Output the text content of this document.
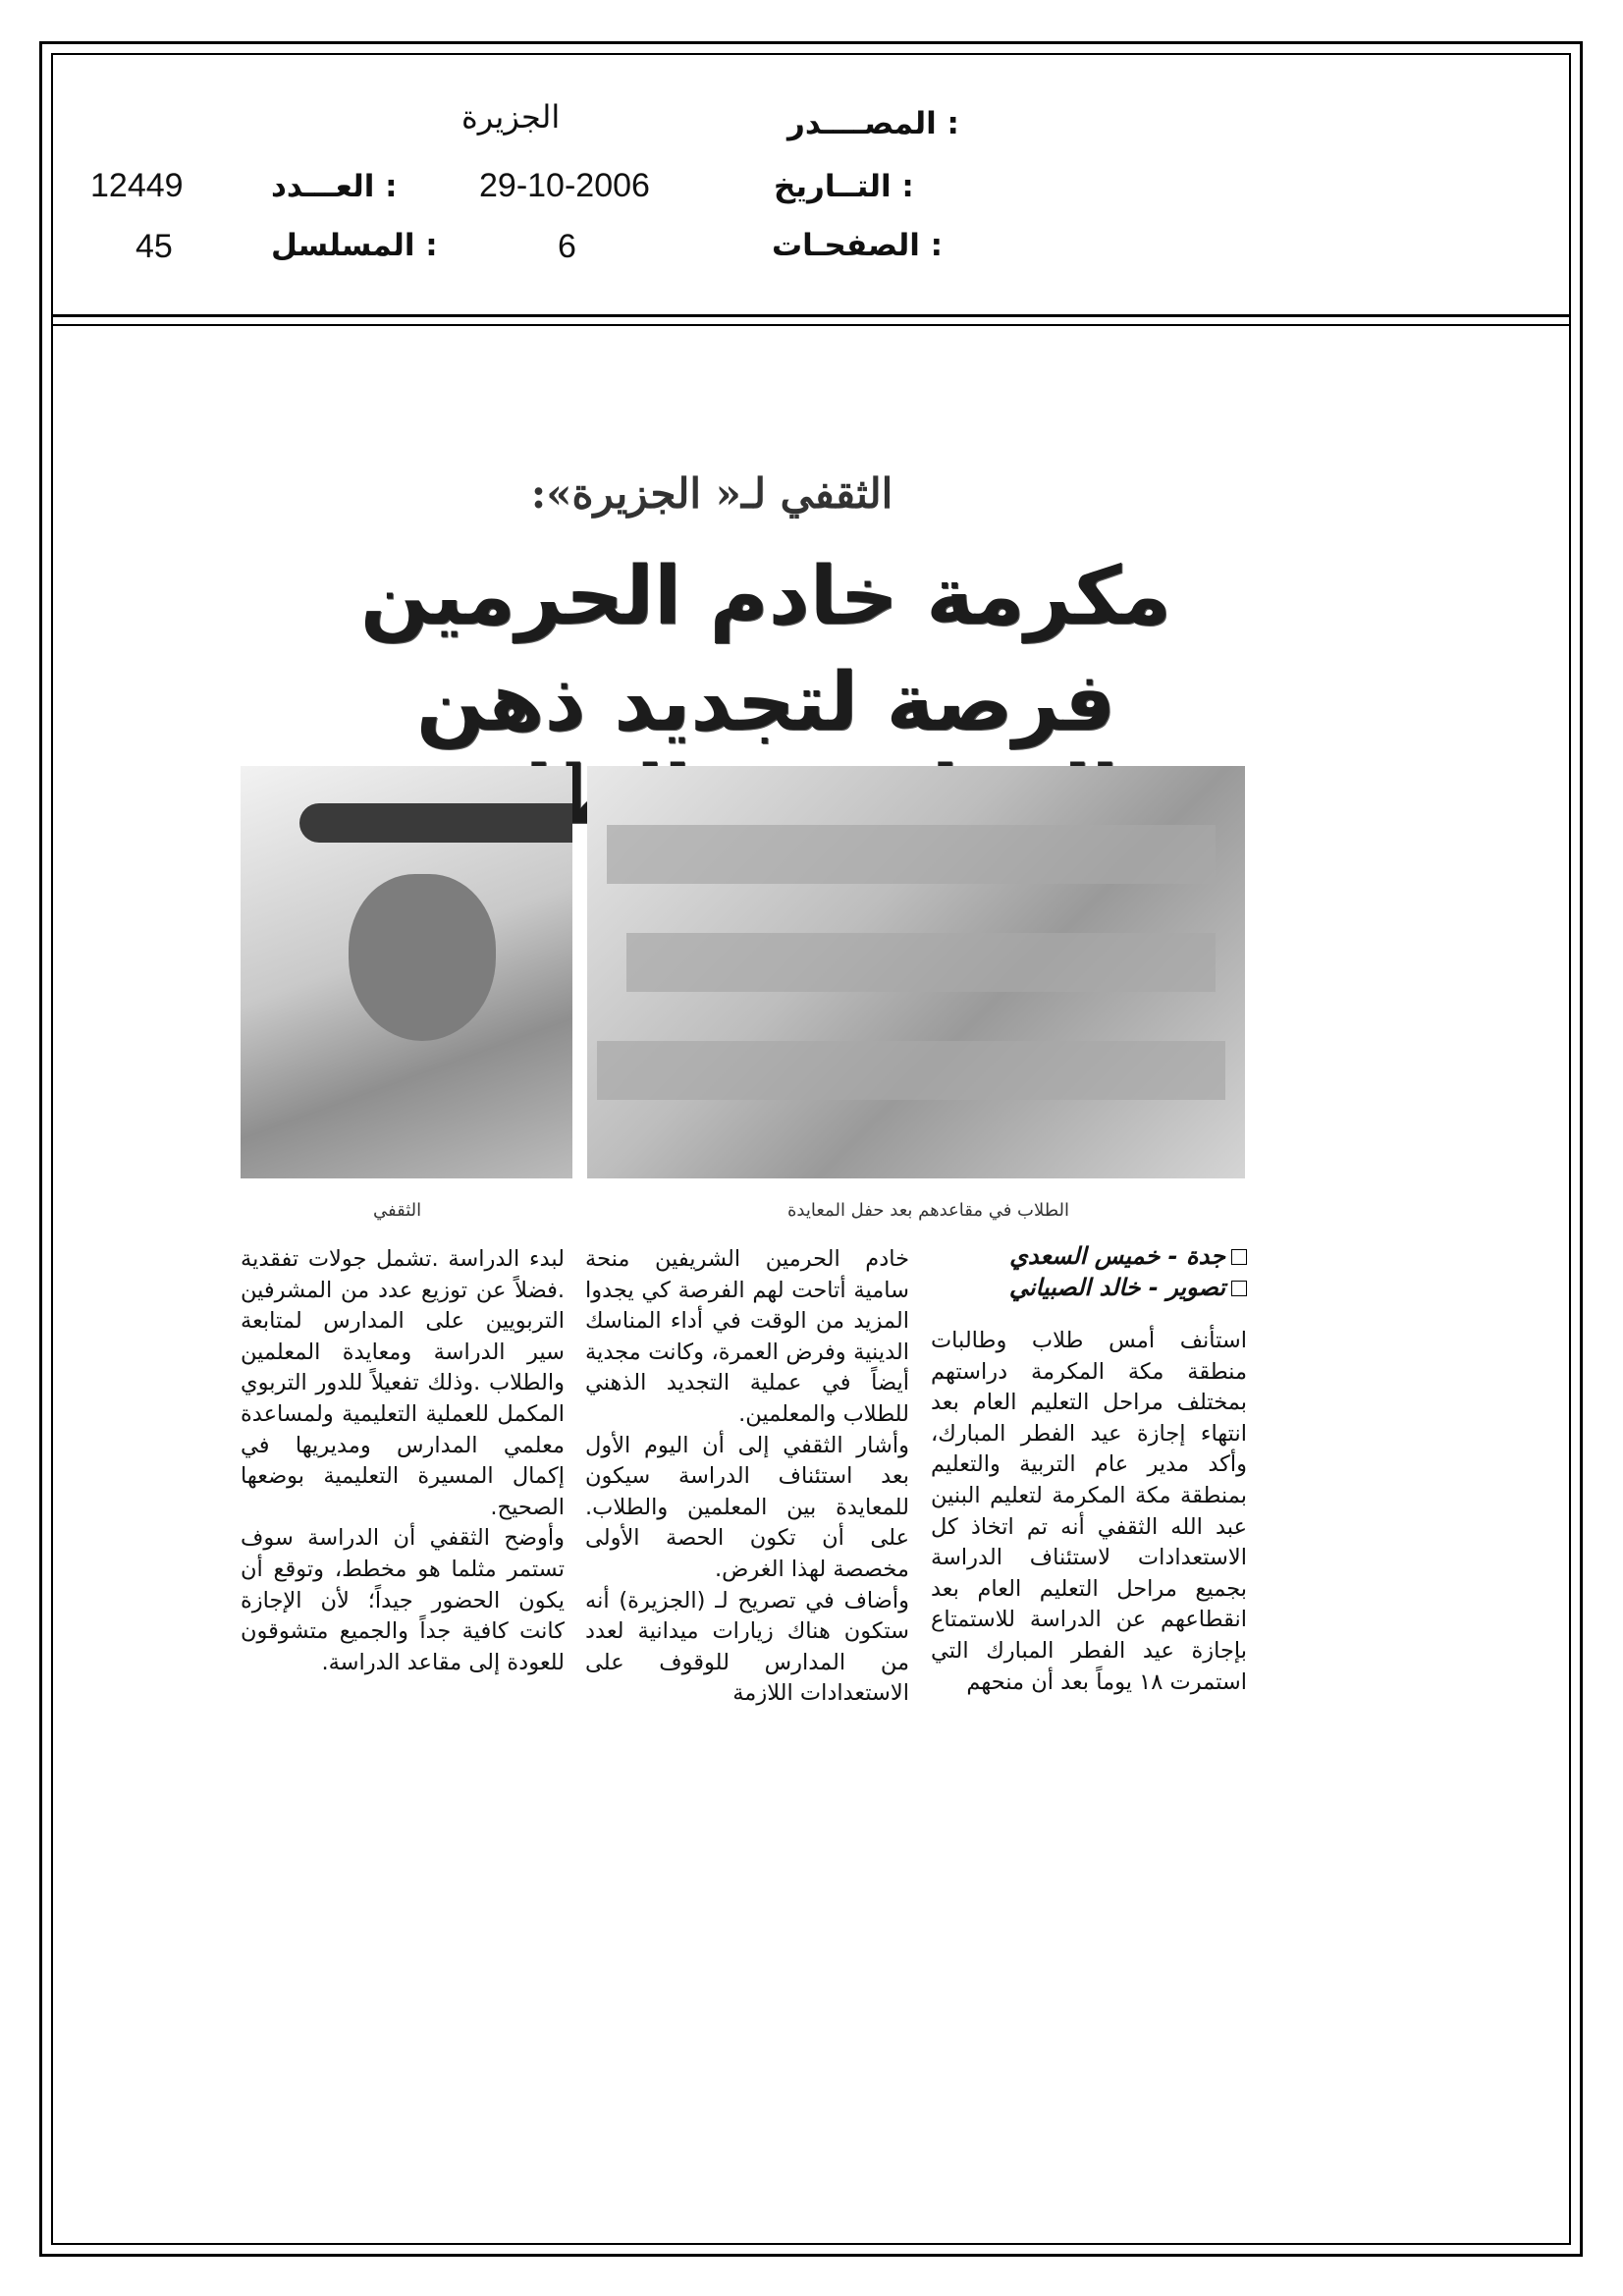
المصــــدر :
الجزيرة
التــاريخ :
29-10-2006
العـــدد :
12449
الصفحـات :
6
المسلسل :
45
الثقفي لـ« الجزيرة»:
مكرمة خادم الحرمين
فرصة لتجديد ذهن والطلاب
الطلاب في مقاعدهم بعد حفل المعايدة
الثقفي
جدة - خميس السعدي
تصوير - خالد الصبياني

استأنف أمس طلاب وطالبات منطقة مكة المكرمة دراستهم بمختلف مراحل التعليم العام بعد انتهاء إجازة عيد الفطر المبارك، وأكد مدير عام التربية والتعليم بمنطقة مكة المكرمة لتعليم البنين عبد الله الثقفي أنه تم اتخاذ كل الاستعدادات لاستئناف الدراسة بجميع مراحل التعليم العام بعد انقطاعهم عن الدراسة للاستمتاع بإجازة عيد الفطر المبارك التي استمرت ١٨ يوماً بعد أن منحهم

خادم الحرمين الشريفين منحة سامية أتاحت لهم الفرصة كي يجدوا المزيد من الوقت في أداء المناسك الدينية وفرض العمرة، وكانت مجدية أيضاً في عملية التجديد الذهني للطلاب والمعلمين.

وأشار الثقفي إلى أن اليوم الأول بعد استئناف الدراسة سيكون للمعايدة بين المعلمين والطلاب. على أن تكون الحصة الأولى مخصصة لهذا الغرض.

وأضاف في تصريح لـ (الجزيرة) أنه ستكون هناك زيارات ميدانية لعدد من المدارس للوقوف على الاستعدادات اللازمة

لبدء الدراسة .تشمل جولات تفقدية .فضلاً عن توزيع عدد من المشرفين التربويين على المدارس لمتابعة سير الدراسة ومعايدة المعلمين والطلاب .وذلك تفعيلاً للدور التربوي المكمل للعملية التعليمية ولمساعدة معلمي المدارس ومديريها في إكمال المسيرة التعليمية بوضعها الصحيح.

وأوضح الثقفي أن الدراسة سوف تستمر مثلما هو مخطط، وتوقع أن يكون الحضور جيداً؛ لأن الإجازة كانت كافية جداً والجميع متشوقون للعودة إلى مقاعد الدراسة.
